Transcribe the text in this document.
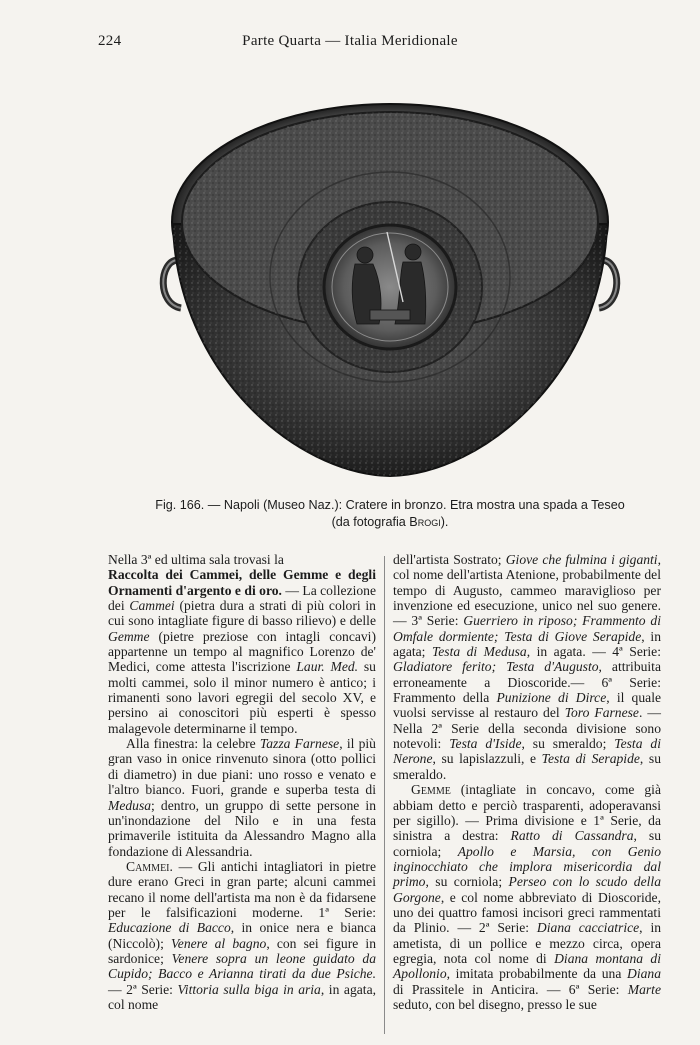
224	Parte Quarta — Italia Meridionale
Fig. 166. — Napoli (Museo Naz.): Cratere in bronzo. Etra mostra una spada a Teseo
(da fotografia Brogi).

Nella 3ª ed ultima sala trovasi la
Raccolta dei Cammei, delle Gemme e degli Ornamenti d'argento e di oro. — La collezione dei Cammei (pietra dura a strati di più colori in cui sono intagliate figure di basso rilievo) e delle Gemme (pietre preziose con intagli concavi) appartenne un tempo al magnifico Lorenzo de' Medici, come attesta l'iscrizione Laur. Med. su molti cammei, solo il minor numero è antico; i rimanenti sono lavori egregii del secolo XV, e persino ai conoscitori più esperti è spesso malagevole determinarne il tempo.

Alla finestra: la celebre Tazza Farnese, il più gran vaso in onice rinvenuto sinora (otto pollici di diametro) in due piani: uno rosso e venato e l'altro bianco. Fuori, grande e superba testa di Medusa; dentro, un gruppo di sette persone in un'inondazione del Nilo e in una festa primaverile istituita da Alessandro Magno alla fondazione di Alessandria.

Cammei. — Gli antichi intagliatori in pietre dure erano Greci in gran parte; alcuni cammei recano il nome dell'artista ma non è da fidarsene per le falsificazioni moderne. 1ª Serie: Educazione di Bacco, in onice nera e bianca (Niccolò); Venere al bagno, con sei figure in sardonice; Venere sopra un leone guidato da Cupido; Bacco e Arianna tirati da due Psiche. — 2ª Serie: Vittoria sulla biga in aria, in agata, col nome

dell'artista Sostrato; Giove che fulmina i giganti, col nome dell'artista Atenione, probabilmente del tempo di Augusto, cammeo maraviglioso per invenzione ed esecuzione, unico nel suo genere. — 3ª Serie: Guerriero in riposo; Frammento di Omfale dormiente; Testa di Giove Serapide, in agata; Testa di Medusa, in agata. — 4ª Serie: Gladiatore ferito; Testa d'Augusto, attribuita erroneamente a Dioscoride.— 6ª Serie: Frammento della Punizione di Dirce, il quale vuolsi servisse al restauro del Toro Farnese. — Nella 2ª Serie della seconda divisione sono notevoli: Testa d'Iside, su smeraldo; Testa di Nerone, su lapislazzuli, e Testa di Serapide, su smeraldo.

Gemme (intagliate in concavo, come già abbiam detto e perciò trasparenti, adoperavansi per sigillo). — Prima divisione e 1ª Serie, da sinistra a destra: Ratto di Cassandra, su corniola; Apollo e Marsia, con Genio inginocchiato che implora misericordia dal primo, su corniola; Perseo con lo scudo della Gorgone, e col nome abbreviato di Dioscoride, uno dei quattro famosi incisori greci rammentati da Plinio. — 2ª Serie: Diana cacciatrice, in ametista, di un pollice e mezzo circa, opera egregia, nota col nome di Diana montana di Apollonio, imitata probabilmente da una Diana di Prassitele in Anticira. — 6ª Serie: Marte seduto, con bel disegno, presso le sue
